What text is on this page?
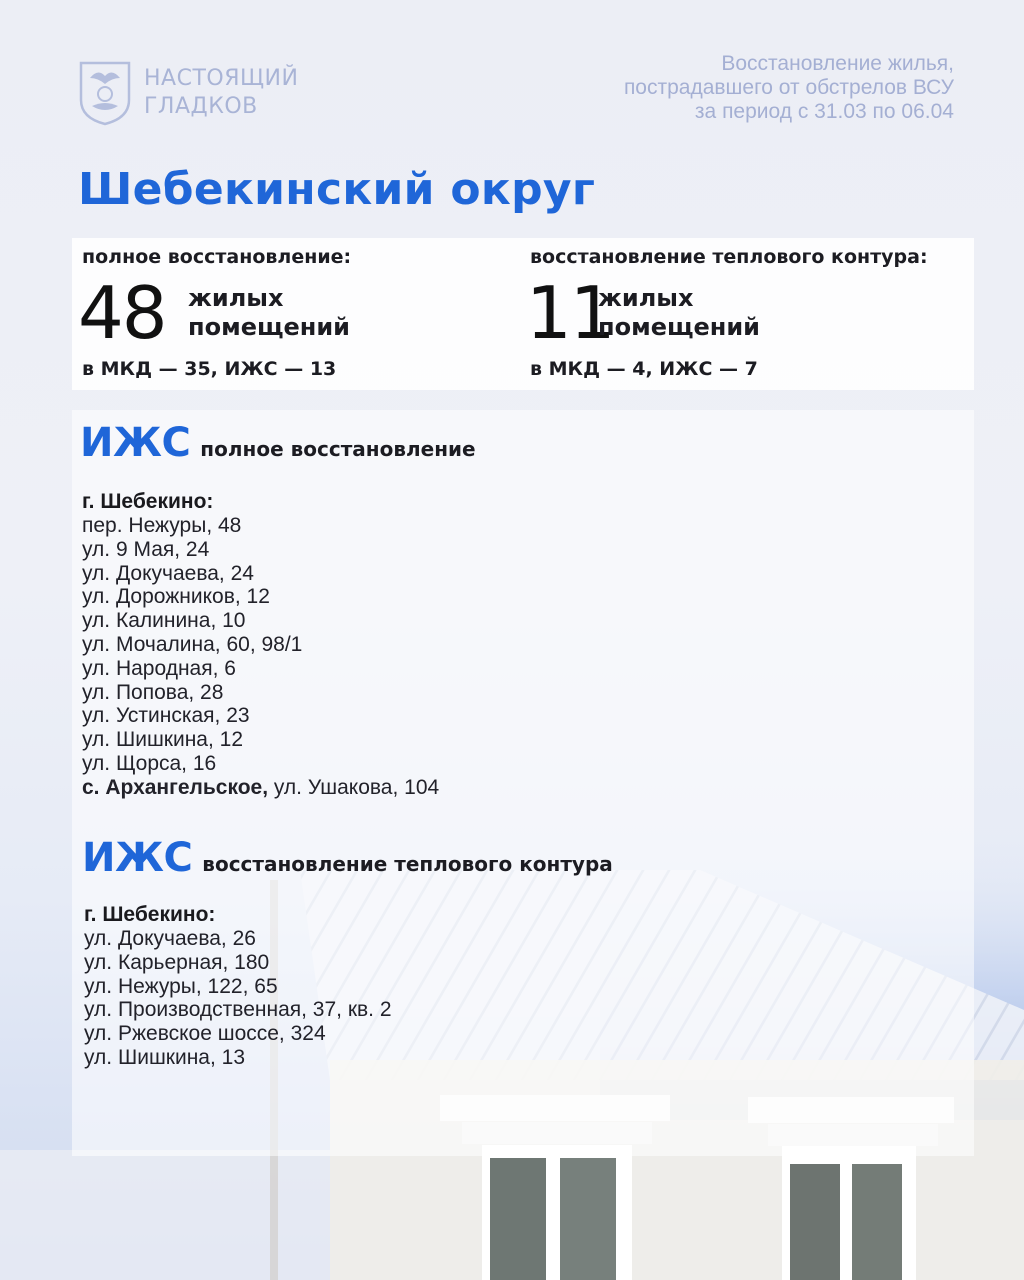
НАСТОЯЩИЙ
ГЛАДКОВ
Восстановление жилья,
пострадавшего от обстрелов ВСУ
за период с 31.03 по 06.04
Шебекинский округ
полное восстановление:
48 жилых
помещений
в МКД — 35, ИЖС — 13
восстановление теплового контура:
11
жилых
помещений
в МКД — 4, ИЖС — 7
ИЖС полное восстановление
г. Шебекино:
пер. Нежуры, 48
ул. 9 Мая, 24
ул. Докучаева, 24
ул. Дорожников, 12
ул. Калинина, 10
ул. Мочалина, 60, 98/1
ул. Народная, 6
ул. Попова, 28
ул. Устинская, 23
ул. Шишкина, 12
ул. Щорса, 16
с. Архангельское, ул. Ушакова, 104
ИЖС восстановление теплового контура
г. Шебекино:
ул. Докучаева, 26
ул. Карьерная, 180
ул. Нежуры, 122, 65
ул. Производственная, 37, кв. 2
ул. Ржевское шоссе, 324
ул. Шишкина, 13
